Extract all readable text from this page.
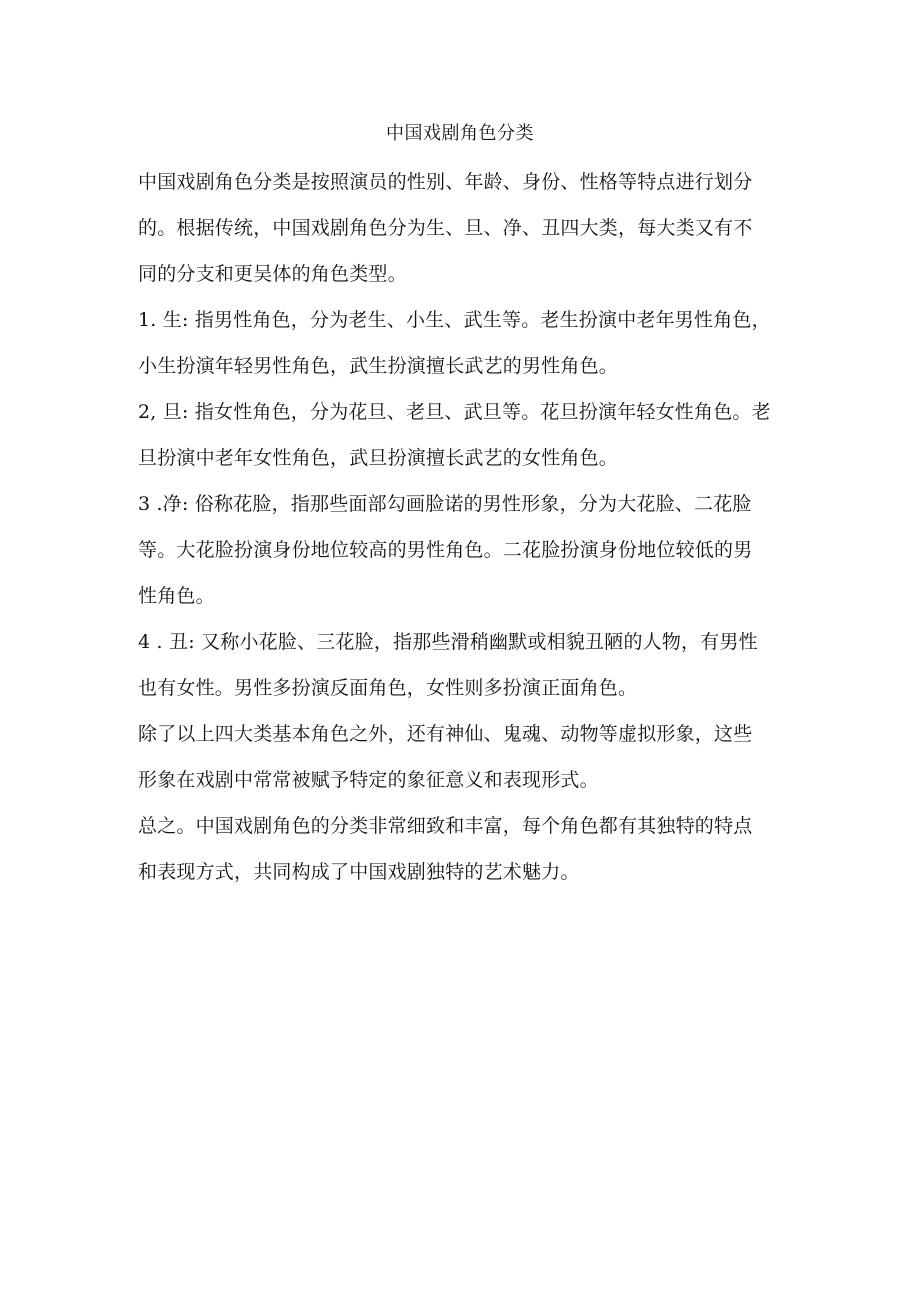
中国戏剧角色分类

中国戏剧角色分类是按照演员的性别、年龄、身份、性格等特点进行划分
的。根据传统，中国戏剧角色分为生、旦、净、丑四大类，每大类又有不
同的分支和更吴体的角色类型。

1. 生: 指男性角色，分为老生、小生、武生等。老生扮演中老年男性角色，
小生扮演年轻男性角色，武生扮演擅长武艺的男性角色。

2, 旦: 指女性角色，分为花旦、老旦、武旦等。花旦扮演年轻女性角色。老
旦扮演中老年女性角色，武旦扮演擅长武艺的女性角色。

3 .净: 俗称花脸，指那些面部勾画脸诺的男性形象，分为大花脸、二花脸
等。大花脸扮演身份地位较高的男性角色。二花脸扮演身份地位较低的男
性角色。

4 . 丑: 又称小花脸、三花脸，指那些滑稍幽默或相貌丑陋的人物，有男性
也有女性。男性多扮演反面角色，女性则多扮演正面角色。

除了以上四大类基本角色之外，还有神仙、鬼魂、动物等虚拟形象，这些
形象在戏剧中常常被赋予特定的象征意义和表现形式。

总之。中国戏剧角色的分类非常细致和丰富，每个角色都有其独特的特点
和表现方式，共同构成了中国戏剧独特的艺术魅力。
